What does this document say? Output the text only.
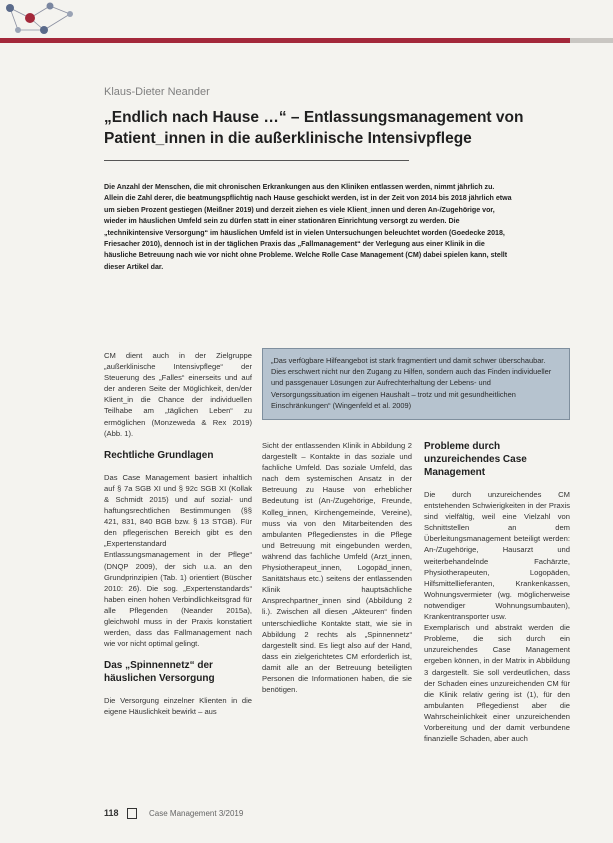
Klaus-Dieter Neander
„Endlich nach Hause …“ – Entlassungsmanagement von Patient_innen in die außerklinische Intensivpflege
Die Anzahl der Menschen, die mit chronischen Erkrankungen aus den Kliniken entlassen werden, nimmt jährlich zu. Allein die Zahl derer, die beatmungspflichtig nach Hause geschickt werden, ist in der Zeit von 2014 bis 2018 jährlich etwa um sieben Prozent gestiegen (Meißner 2019) und derzeit ziehen es viele Klient_innen und deren An-/Zugehörige vor, wieder im häuslichen Umfeld sein zu dürfen statt in einer stationären Einrichtung versorgt zu werden. Die „technikintensive Versorgung“ im häuslichen Umfeld ist in vielen Untersuchungen beleuchtet worden (Goedecke 2018, Friesacher 2010), dennoch ist in der täglichen Praxis das „Fallmanagement“ der Verlegung aus einer Klinik in die häusliche Betreuung nach wie vor nicht ohne Probleme. Welche Rolle Case Management (CM) dabei spielen kann, stellt dieser Artikel dar.
„Das verfügbare Hilfeangebot ist stark fragmentiert und damit schwer überschaubar. Dies erschwert nicht nur den Zugang zu Hilfen, sondern auch das Finden individueller und passgenauer Lösungen zur Aufrechterhaltung der Lebens- und Versorgungssituation im eigenen Haushalt – trotz und mit gesundheitlichen Einschränkungen“ (Wingenfeld et al. 2009)

CM dient auch in der Zielgruppe „außerklinische Intensivpflege“ der Steuerung des „Falles“ einerseits und auf der anderen Seite der Möglichkeit, den/der Klient_in die Chance der individuellen Teilhabe am „täglichen Leben“ zu ermöglichen (Monzeweda & Rex 2019) (Abb. 1).

Rechtliche Grundlagen

Das Case Management basiert inhaltlich auf § 7a SGB XI und § 92c SGB XI (Kollak & Schmidt 2015) und auf sozial- und haftungsrechtlichen Bestimmungen (§§ 421, 831, 840 BGB bzw. § 13 STGB). Für den pflegerischen Bereich gibt es den „Expertenstandard Entlassungsmanagement in der Pflege“ (DNQP 2009), der sich u.a. an den Grundprinzipien (Tab. 1) orientiert (Büscher 2010: 26). Die sog. „Expertenstandards“ haben einen hohen Verbindlichkeitsgrad für alle Pflegenden (Neander 2015a), gleichwohl muss in der Praxis konstatiert werden, dass das Fallmanagement nach wie vor nicht optimal gelingt.

Das „Spinnennetz“ der häuslichen Versorgung

Die Versorgung einzelner Klienten in die eigene Häuslichkeit bewirkt – aus

Sicht der entlassenden Klinik in Abbildung 2 dargestellt – Kontakte in das soziale und fachliche Umfeld. Das soziale Umfeld, das nach dem systemischen Ansatz in der Betreuung zu Hause von erheblicher Bedeutung ist (An-/Zugehörige, Freunde, Kolleg_innen, Kirchengemeinde, Vereine), muss via von den Mitarbeitenden des ambulanten Pflegedienstes in die Pflege und Betreuung mit eingebunden werden, während das fachliche Umfeld (Arzt_innen, Physiotherapeut_innen, Logopäd_innen, Sanitätshaus etc.) seitens der entlassenden Klinik hauptsächliche Ansprechpartner_innen sind (Abbildung 2 li.). Zwischen all diesen „Akteuren“ finden unterschiedliche Kontakte statt, wie sie in Abbildung 2 rechts als „Spinnennetz“ dargestellt sind. Es liegt also auf der Hand, dass ein zielgerichtetes CM erforderlich ist, damit alle an der Betreuung beteiligten Personen die Informationen haben, die sie benötigen.

Probleme durch unzureichendes Case Management

Die durch unzureichendes CM entstehenden Schwierigkeiten in der Praxis sind vielfältig, weil eine Vielzahl von Schnittstellen an dem Überleitungsmanagement beteiligt werden: An-/Zugehörige, Hausarzt und weiterbehandelnde Fachärzte, Physiotherapeuten, Logopäden, Hilfsmittellieferanten, Krankenkassen, Wohnungsvermieter (wg. möglicherweise notwendiger Wohnungsumbauten), Krankentransporter usw.

Exemplarisch und abstrakt werden die Probleme, die sich durch ein unzureichendes Case Management ergeben können, in der Matrix in Abbildung 3 dargestellt. Sie soll verdeutlichen, dass der Schaden eines unzureichenden CM für die Klinik relativ gering ist (1), für den ambulanten Pflegedienst aber die Wahrscheinlichkeit einer unzureichenden Vorbereitung und der damit verbundene finanzielle Schaden, aber auch

118	Case Management 3/2019
